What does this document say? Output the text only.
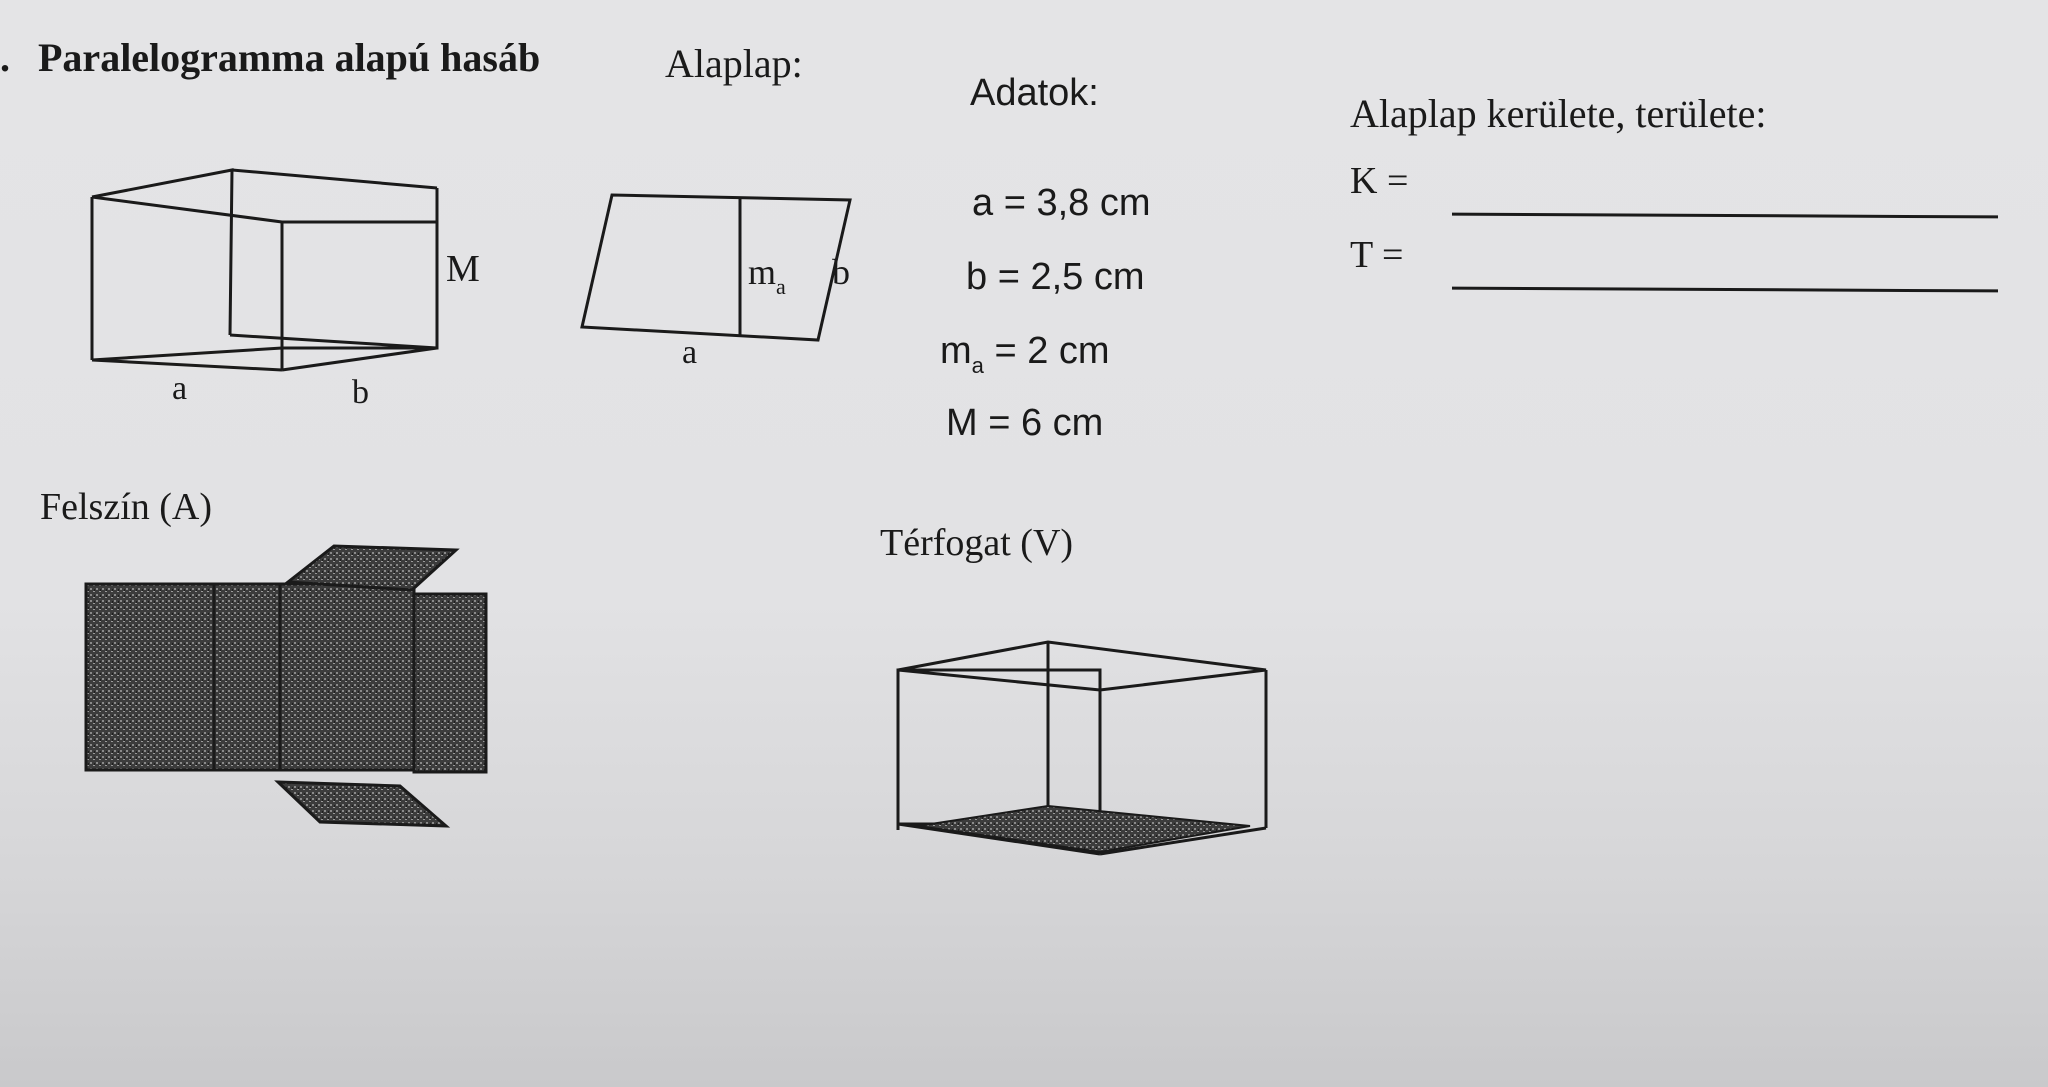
. Paralelogramma alapú hasáb	Alaplap:
Adatok:	Alaplap kerülete, területe:
M
a	b
$m_a$ b
a
a = 3,8 cm
b = 2,5 cm
$m_a = 2$ cm
M = 6 cm
K =
T =
Felszín (A)
Térfogat (V)
